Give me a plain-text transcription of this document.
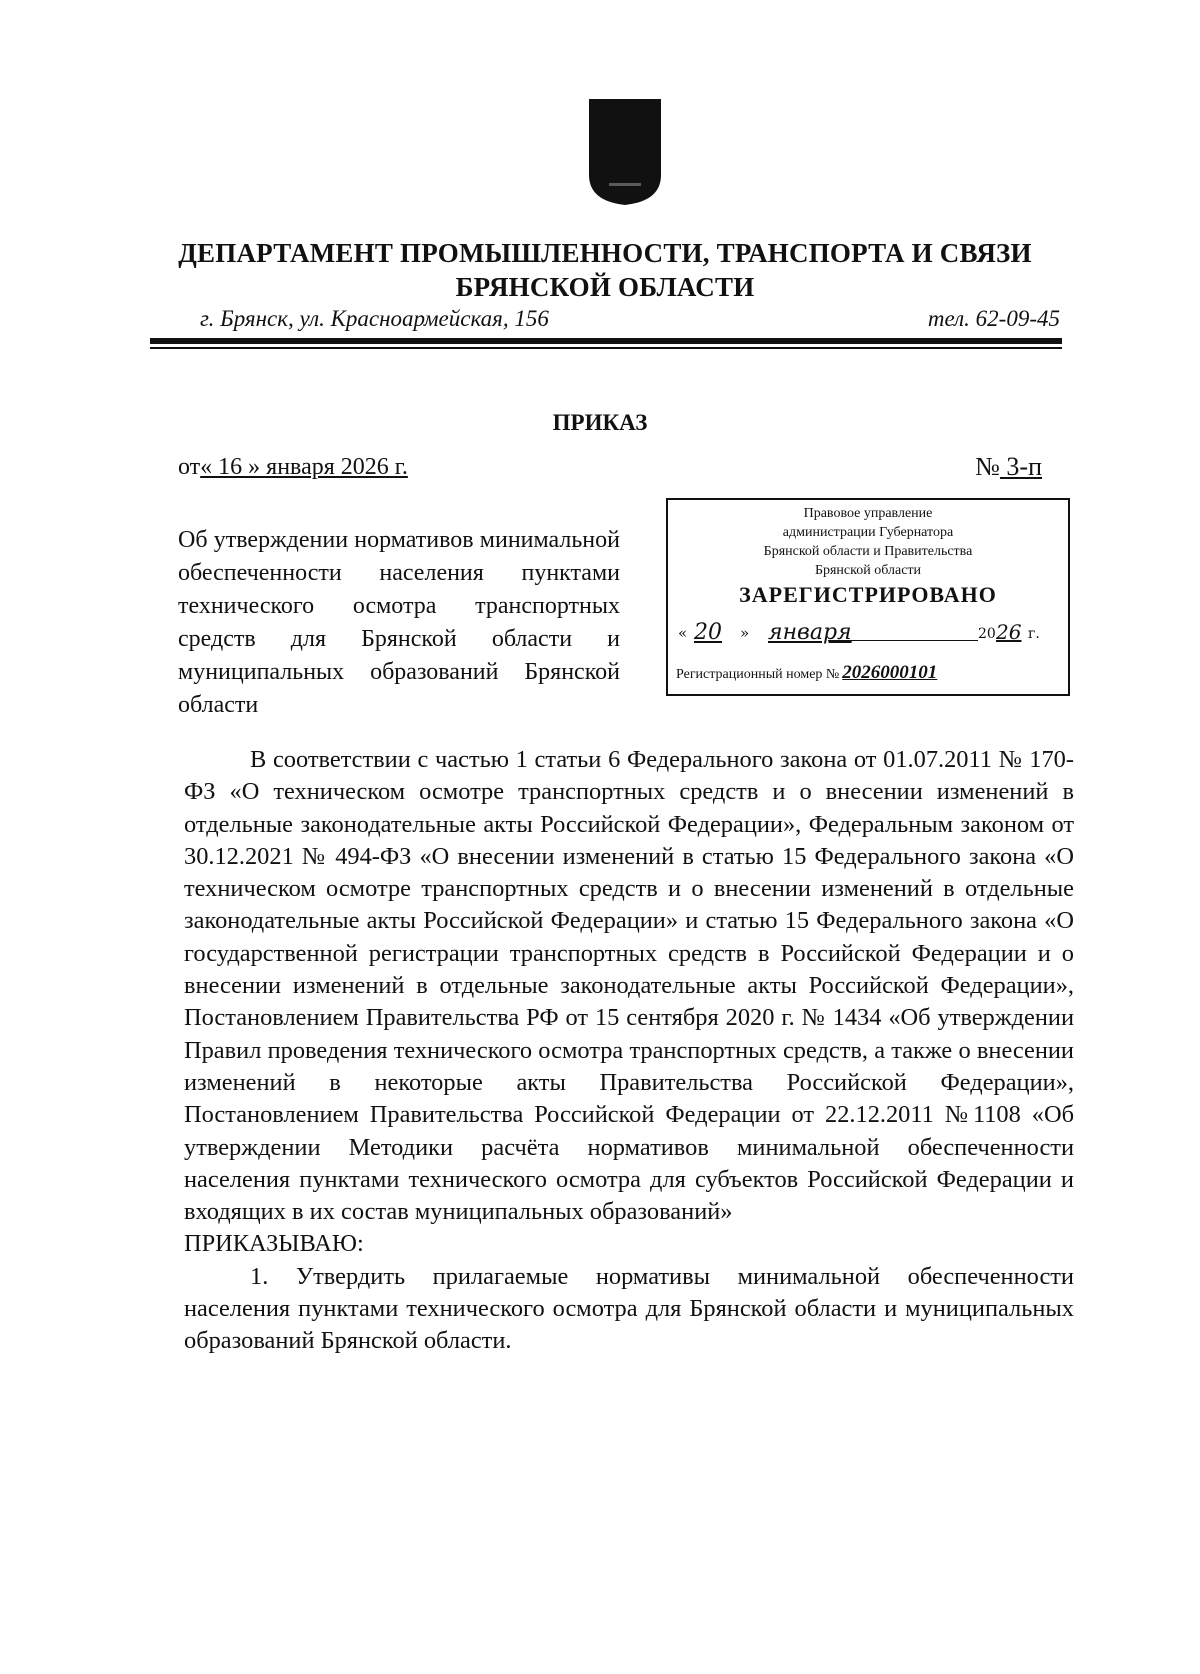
ДЕПАРТАМЕНТ ПРОМЫШЛЕННОСТИ, ТРАНСПОРТА И СВЯЗИ
БРЯНСКОЙ ОБЛАСТИ
г. Брянск, ул. Красноармейская, 156	тел. 62-09-45
ПРИКАЗ
от« 16 » января 2026 г.	№ 3-п
Об утверждении нормативов минимальной обеспеченности населения пунктами технического осмотра транспортных средств для Брянской области и муниципальных образований Брянской области
Правовое управление
администрации Губернатора
Брянской области и Правительства
Брянской области
ЗАРЕГИСТРИРОВАНО
« 20 » января	20 26 г.
Регистрационный номер № 2026000101

В соответствии с частью 1 статьи 6 Федерального закона от 01.07.2011 № 170-ФЗ «О техническом осмотре транспортных средств и о внесении изменений в отдельные законодательные акты Российской Федерации», Федеральным законом от 30.12.2021 № 494-ФЗ «О внесении изменений в статью 15 Федерального закона «О техническом осмотре транспортных средств и о внесении изменений в отдельные законодательные акты Российской Федерации» и статью 15 Федерального закона «О государственной регистрации транспортных средств в Российской Федерации и о внесении изменений в отдельные законодательные акты Российской Федерации», Постановлением Правительства РФ от 15 сентября 2020 г. № 1434 «Об утверждении Правил проведения технического осмотра транспортных средств, а также о внесении изменений в некоторые акты Правительства Российской Федерации», Постановлением Правительства Российской Федерации от 22.12.2011 №1108 «Об утверждении Методики расчёта нормативов минимальной обеспеченности населения пунктами технического осмотра для субъектов Российской Федерации и входящих в их состав муниципальных образований»

ПРИКАЗЫВАЮ:

1. Утвердить прилагаемые нормативы минимальной обеспеченности населения пунктами технического осмотра для Брянской области и муниципальных образований Брянской области.
